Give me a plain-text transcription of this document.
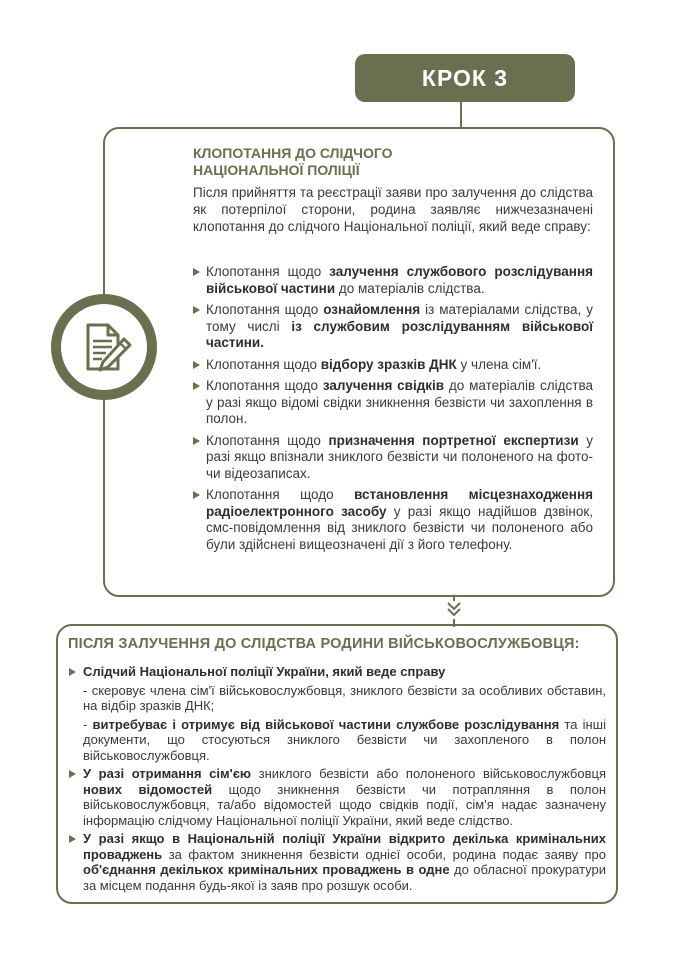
КРОК 3
КЛОПОТАННЯ ДО СЛІДЧОГО НАЦІОНАЛЬНОЇ ПОЛІЦІЇ
Після прийняття та реєстрації заяви про залучення до слідства як потерпілої сторони, родина заявляє нижчезазначені клопотання до слідчого Національної поліції, який веде справу:
Клопотання щодо залучення службового розслідування військової частини до матеріалів слідства.
Клопотання щодо ознайомлення із матеріалами слідства, у тому числі із службовим розслідуванням військової частини.
Клопотання щодо відбору зразків ДНК у члена сім'ї.
Клопотання щодо залучення свідків до матеріалів слідства у разі якщо відомі свідки зникнення безвісти чи захоплення в полон.
Клопотання щодо призначення портретної експертизи у разі якщо впізнали зниклого безвісти чи полоненого на фото- чи відеозаписах.
Клопотання щодо встановлення місцезнаходження радіоелектронного засобу у разі якщо надійшов дзвінок, смс-повідомлення від зниклого безвісти чи полоненого або були здійснені вищеозначені дії з його телефону.
ПІСЛЯ ЗАЛУЧЕННЯ ДО СЛІДСТВА РОДИНИ ВІЙСЬКОВОСЛУЖБОВЦЯ:
Слідчий Національної поліції України, який веде справу
- скеровує члена сім'ї військовослужбовця, зниклого безвісти за особливих обставин, на відбір зразків ДНК;
- витребуває і отримує від військової частини службове розслідування та інші документи, що стосуються зниклого безвісти чи захопленого в полон військовослужбовця.
У разі отримання сім'єю зниклого безвісти або полоненого військовослужбовця нових відомостей щодо зникнення безвісти чи потрапляння в полон військовослужбовця, та/або відомостей щодо свідків події, сім'я надає зазначену інформацію слідчому Національної поліції України, який веде слідство.
У разі якщо в Національній поліції України відкрито декілька кримінальних проваджень за фактом зникнення безвісти однієї особи, родина подає заяву про об'єднання декількох кримінальних проваджень в одне до обласної прокуратури за місцем подання будь-якої із заяв про розшук особи.
